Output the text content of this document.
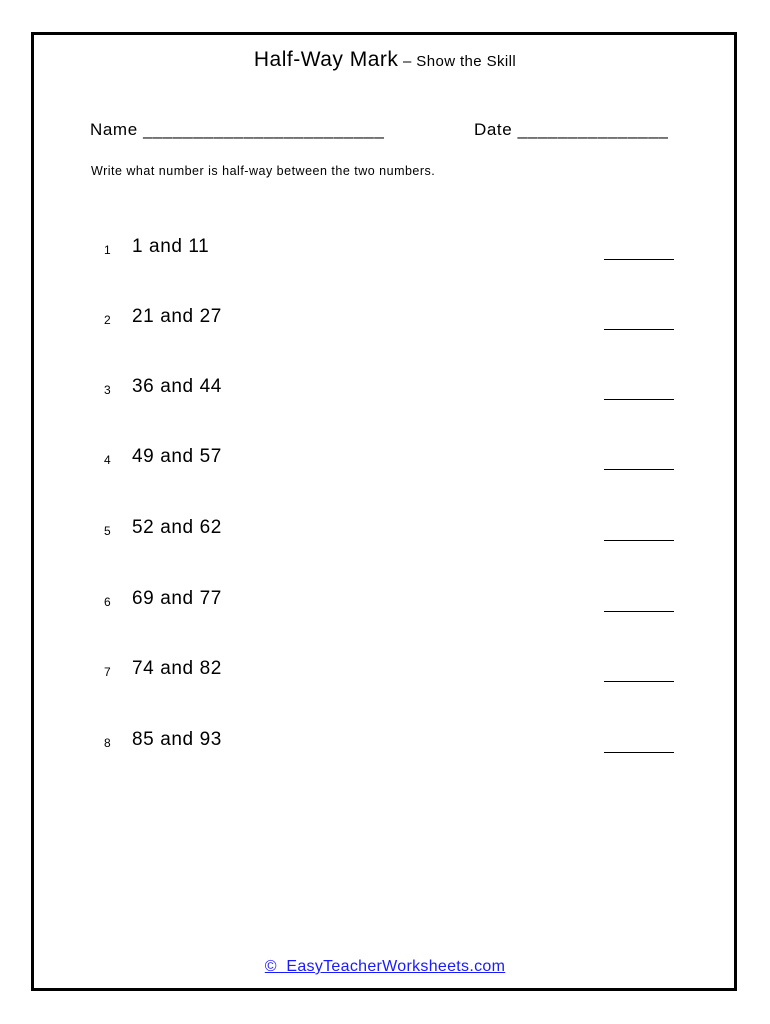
Half-Way Mark – Show the Skill
Name ________________________	Date _______________
Write what number is half-way between the two numbers.
1 1 and 11
2 21 and 27
3 36 and 44
4 49 and 57
5 52 and 62
6 69 and 77
7 74 and 82
8 85 and 93
©  EasyTeacherWorksheets.com
